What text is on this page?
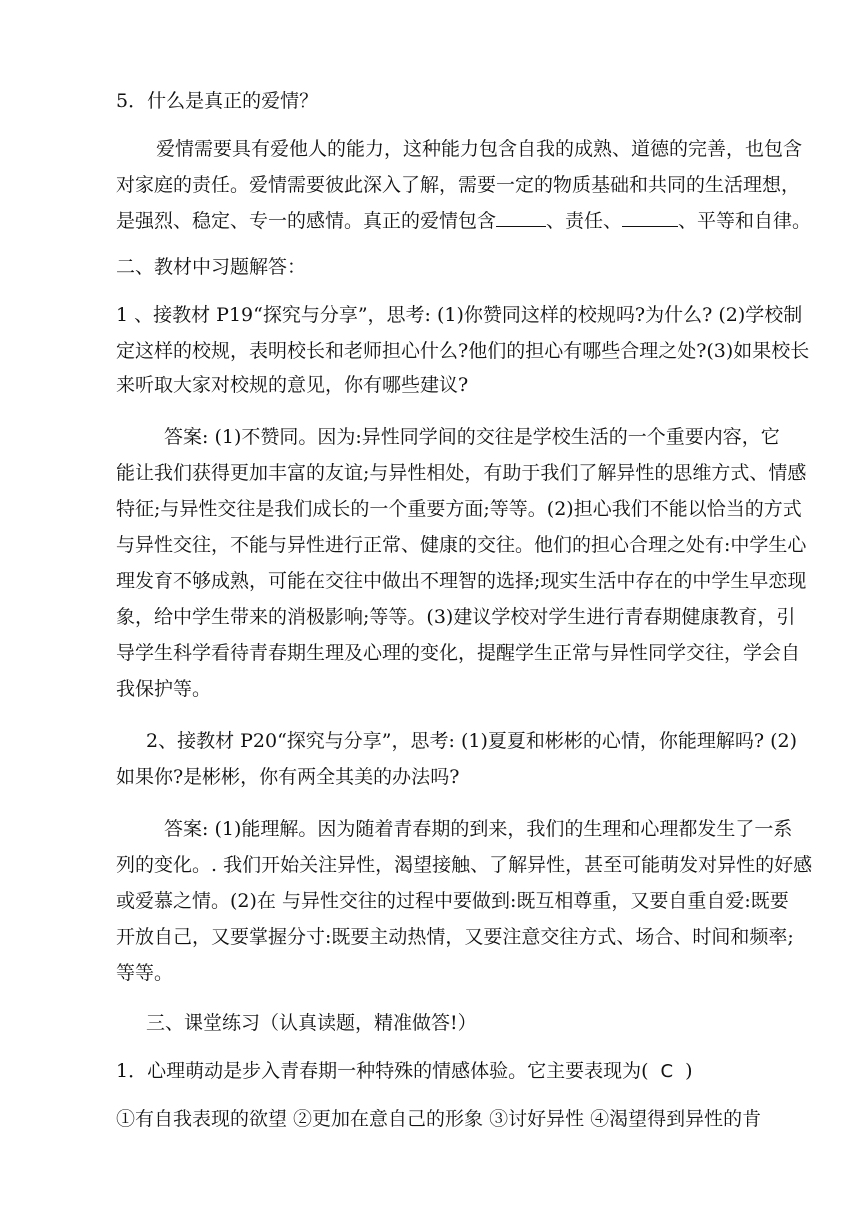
5．什么是真正的爱情？
爱情需要具有爱他人的能力，这种能力包含自我的成熟、道德的完善，也包含
对家庭的责任。爱情需要彼此深入了解，需要一定的物质基础和共同的生活理想，
是强烈、稳定、专一的感情。真正的爱情包含	、责任、	、平等和自律。
二、教材中习题解答：
1 、接教材 P19“探究与分享”，思考: (1)你赞同这样的校规吗?为什么? (2)学校制
定这样的校规，表明校长和老师担心什么?他们的担心有哪些合理之处?(3)如果校长
来听取大家对校规的意见，你有哪些建议?
答案: (1)不赞同。因为:异性同学间的交往是学校生活的一个重要内容，它
能让我们获得更加丰富的友谊;与异性相处，有助于我们了解异性的思维方式、情感
特征;与异性交往是我们成长的一个重要方面;等等。(2)担心我们不能以恰当的方式
与异性交往，不能与异性进行正常、健康的交往。他们的担心合理之处有:中学生心
理发育不够成熟，可能在交往中做出不理智的选择;现实生活中存在的中学生早恋现
象，给中学生带来的消极影响;等等。(3)建议学校对学生进行青春期健康教育，引
导学生科学看待青春期生理及心理的变化，提醒学生正常与异性同学交往，学会自
我保护等。
2、接教材 P20“探究与分享”，思考: (1)夏夏和彬彬的心情，你能理解吗? (2)
如果你?是彬彬，你有两全其美的办法吗?
答案: (1)能理解。因为随着青春期的到来，我们的生理和心理都发生了一系
列的变化。. 我们开始关注异性，渴望接触、了解异性，甚至可能萌发对异性的好感
或爱慕之情。(2)在 与异性交往的过程中要做到:既互相尊重，又要自重自爱:既要
开放自己，又要掌握分寸:既要主动热情，又要注意交往方式、场合、时间和频率;
等等。
三、课堂练习（认真读题，精准做答!）
1．心理萌动是步入青春期一种特殊的情感体验。它主要表现为( C )
①有自我表现的欲望 ②更加在意自己的形象 ③讨好异性 ④渴望得到异性的肯
